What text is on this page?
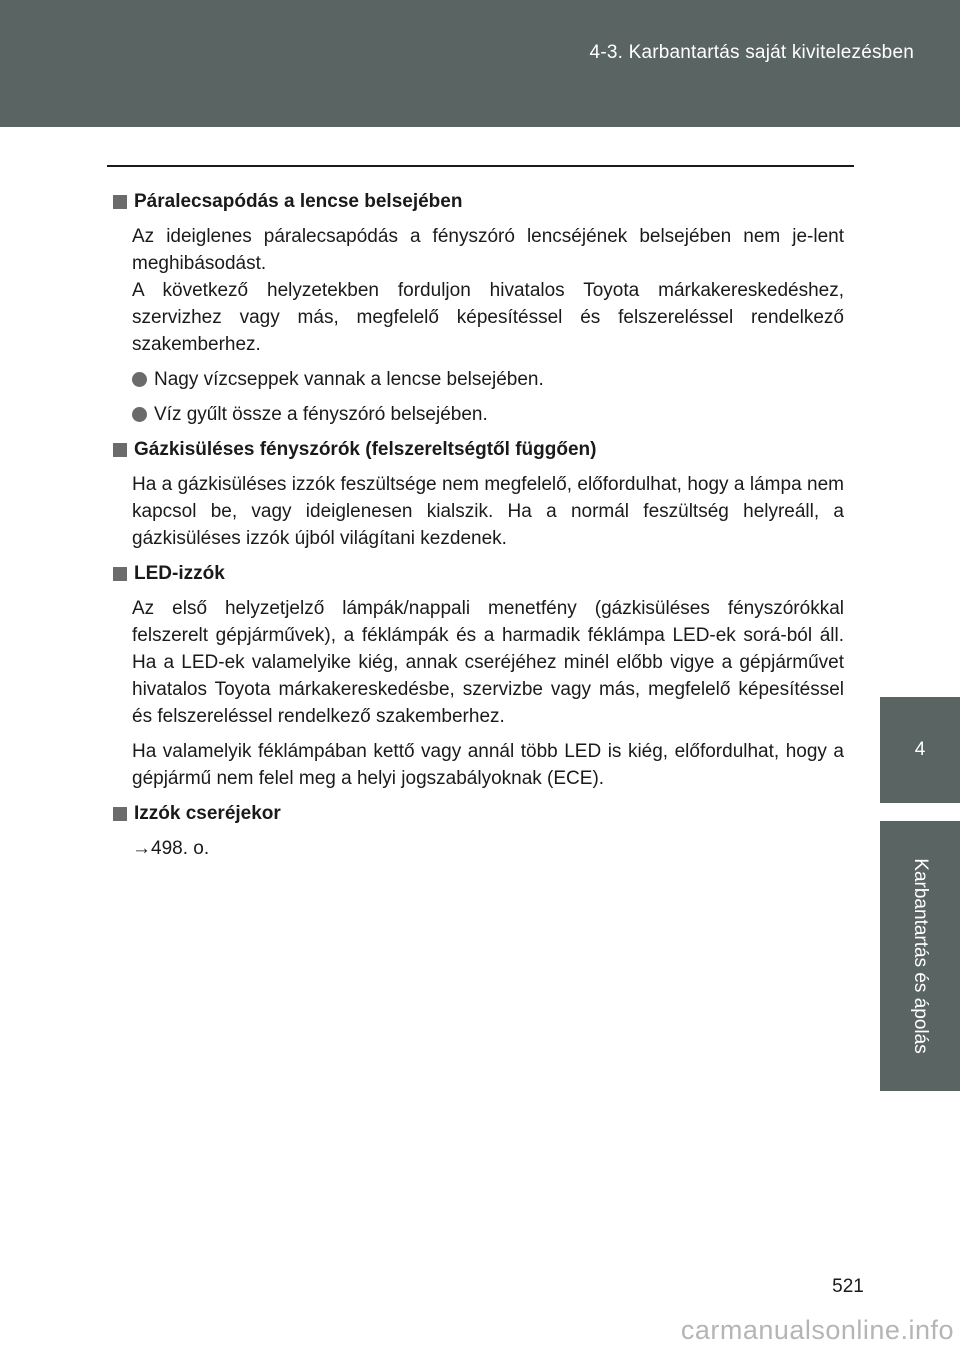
4-3. Karbantartás saját kivitelezésben
4
Karbantartás és ápolás
Páralecsapódás a lencse belsejében
Az ideiglenes páralecsapódás a fényszóró lencséjének belsejében nem je-lent meghibásodást.
A következő helyzetekben forduljon hivatalos Toyota márkakereskedéshez, szervizhez vagy más, megfelelő képesítéssel és felszereléssel rendelkező szakemberhez.
Nagy vízcseppek vannak a lencse belsejében.
Víz gyűlt össze a fényszóró belsejében.
Gázkisüléses fényszórók (felszereltségtől függően)
Ha a gázkisüléses izzók feszültsége nem megfelelő, előfordulhat, hogy a lámpa nem kapcsol be, vagy ideiglenesen kialszik. Ha a normál feszültség helyreáll, a gázkisüléses izzók újból világítani kezdenek.
LED-izzók
Az első helyzetjelző lámpák/nappali menetfény (gázkisüléses fényszórókkal felszerelt gépjárművek), a féklámpák és a harmadik féklámpa LED-ek sorá-ból áll. Ha a LED-ek valamelyike kiég, annak cseréjéhez minél előbb vigye a gépjárművet hivatalos Toyota márkakereskedésbe, szervizbe vagy más, megfelelő képesítéssel és felszereléssel rendelkező szakemberhez.
Ha valamelyik féklámpában kettő vagy annál több LED is kiég, előfordulhat, hogy a gépjármű nem felel meg a helyi jogszabályoknak (ECE).
Izzók cseréjekor
→498. o.
521
carmanualsonline.info
